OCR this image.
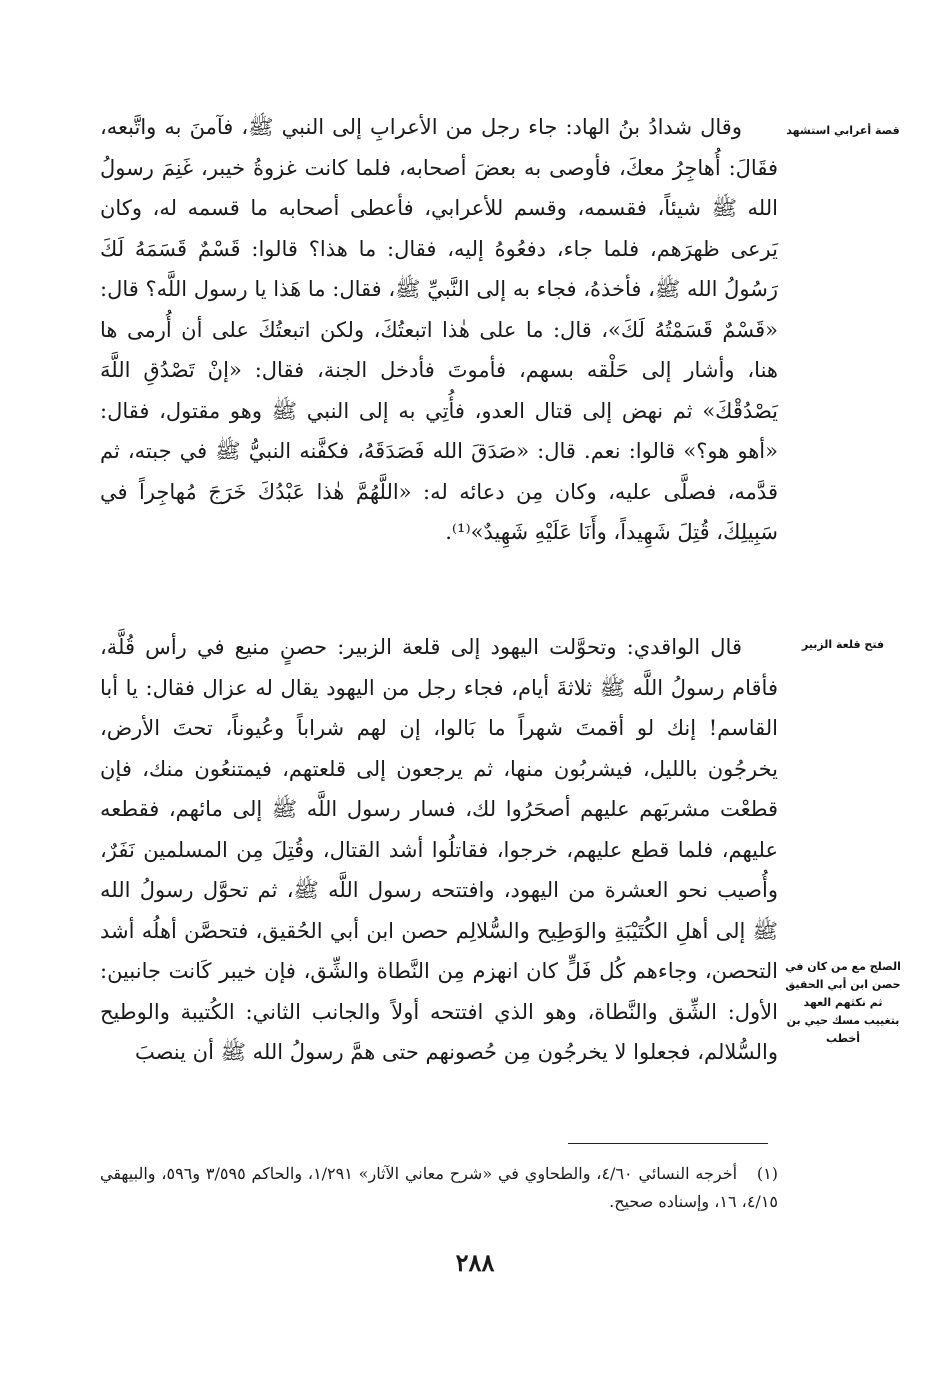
قصة أعرابي استشهد
فتح قلعة الزبير
الصلح مع من كان في حصن ابن أبي الحقيق ثم نكثهم العهد بتغييب مسك حيي بن أخطب

وقال شدادُ بنُ الهاد: جاء رجل من الأعرابِ إلى النبي ﷺ، فآمنَ به واتَّبعه، فقَالَ: أُهاجِرُ معكَ، فأوصى به بعضَ أصحابه، فلما كانت غزوةُ خيبر، غَنِمَ رسولُ الله ﷺ شيئاً، فقسمه، وقسم للأعرابي، فأعطى أصحابه ما قسمه له، وكان يَرعى ظهرَهم، فلما جاء، دفعُوهُ إليه، فقال: ما هذا؟ قالوا: قَسْمٌ قَسَمَهُ لَكَ رَسُولُ الله ﷺ، فأخذهُ، فجاء به إلى النَّبيِّ ﷺ، فقال: ما هَذا يا رسول اللَّه؟ قال: «قَسْمٌ قَسَمْتُهُ لَكَ»، قال: ما على هٰذا اتبعتُكَ، ولكن اتبعتُكَ على أن أُرمى ها هنا، وأشار إلى حَلْقه بسهم، فأموتَ فأدخل الجنة، فقال: «إنْ تَصْدُقِ اللَّهَ يَصْدُقْكَ» ثم نهض إلى قتال العدو، فأُتِي به إلى النبي ﷺ وهو مقتول، فقال: «أهو هو؟» قالوا: نعم. قال: «صَدَقَ الله فَصَدَقَهُ، فكفَّنه النبيُّ ﷺ في جبته، ثم قدَّمه، فصلَّى عليه، وكان مِن دعائه له: «اللَّهُمَّ هٰذا عَبْدُكَ خَرَجَ مُهاجِراً في سَبِيلِكَ، قُتِلَ شَهِيداً، وأَنَا عَلَيْهِ شَهِيدٌ»⁽¹⁾.

قال الواقدي: وتحوَّلت اليهود إلى قلعة الزبير: حصنٍ منيع في رأس قُلَّة، فأقام رسولُ اللَّه ﷺ ثلاثةَ أيام، فجاء رجل من اليهود يقال له عزال فقال: يا أبا القاسم! إنك لو أقمتَ شهراً ما بَالوا، إن لهم شراباً وعُيوناً، تحتَ الأرض، يخرجُون بالليل، فيشربُون منها، ثم يرجعون إلى قلعتهم، فيمتنعُون منك، فإن قطعْت مشربَهم عليهم أصحَرُوا لك، فسار رسول اللَّه ﷺ إلى مائهم، فقطعه عليهم، فلما قطع عليهم، خرجوا، فقاتلُوا أشد القتال، وقُتِلَ مِن المسلمين نَفَرٌ، وأُصيب نحو العشرة من اليهود، وافتتحه رسول اللَّه ﷺ، ثم تحوَّل رسولُ الله ﷺ إلى أهلِ الكُتَيْبَةِ والوَطِيح والسُّلالِم حصن ابن أبي الحُقيق، فتحصَّن أهلُه أشد التحصن، وجاءهم كُل فَلٍّ كان انهزم مِن النَّطاة والشِّق، فإن خيبر كَانت جانبين: الأول: الشِّق والنَّطاة، وهو الذي افتتحه أولاً والجانب الثاني: الكُتيبة والوطيح والسُّلالم، فجعلوا لا يخرجُون مِن حُصونهم حتى همَّ رسولُ الله ﷺ أن ينصبَ

(١) أخرجه النسائي ٤/٦٠، والطحاوي في «شرح معاني الآثار» ١/٢٩١، والحاكم ٣/٥٩٥ و٥٩٦، والبيهقي ٤/١٥، ١٦، وإسناده صحيح.
٢٨٨
